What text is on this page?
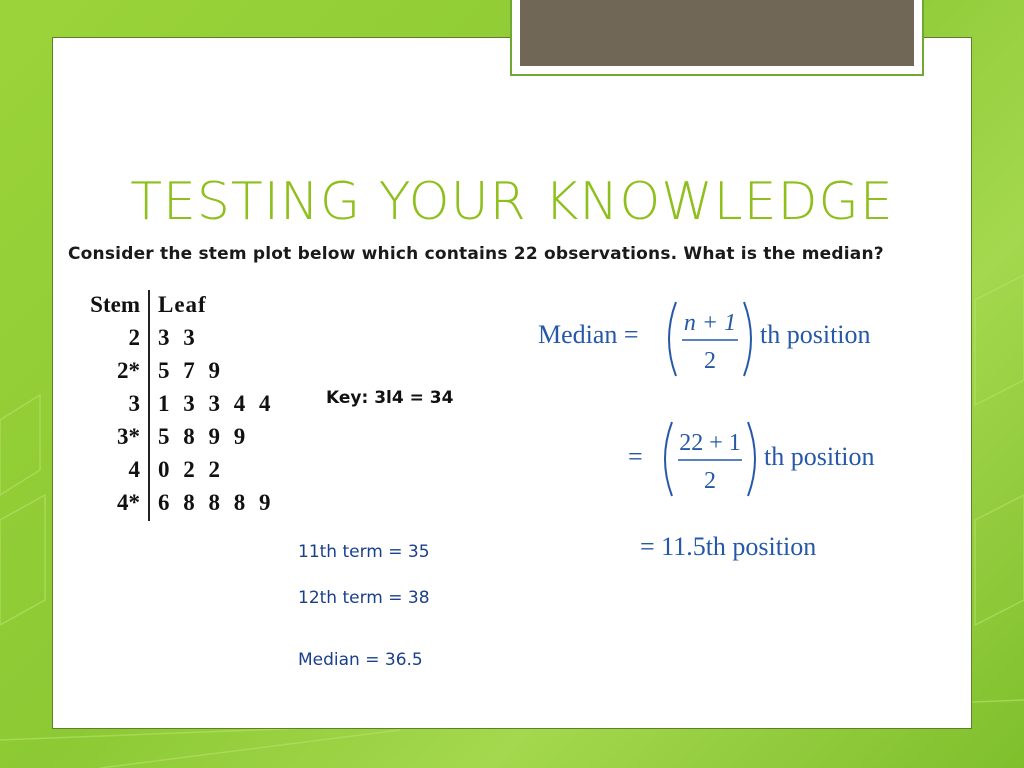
TESTING YOUR KNOWLEDGE
Consider the stem plot below which contains 22 observations. What is the median?
Stem	Leaf
2	3 3
2*	5 7 9
3	1 3 3 4 4
3*	5 8 9 9
4	0 2 2
4*	6 8 8 8 9
Key: 3l4 = 34
11th term = 35
12th term = 38
Median = 36.5
Median = n + 1
2
th position
= 22 + 1
2
th position
= 11.5th position
